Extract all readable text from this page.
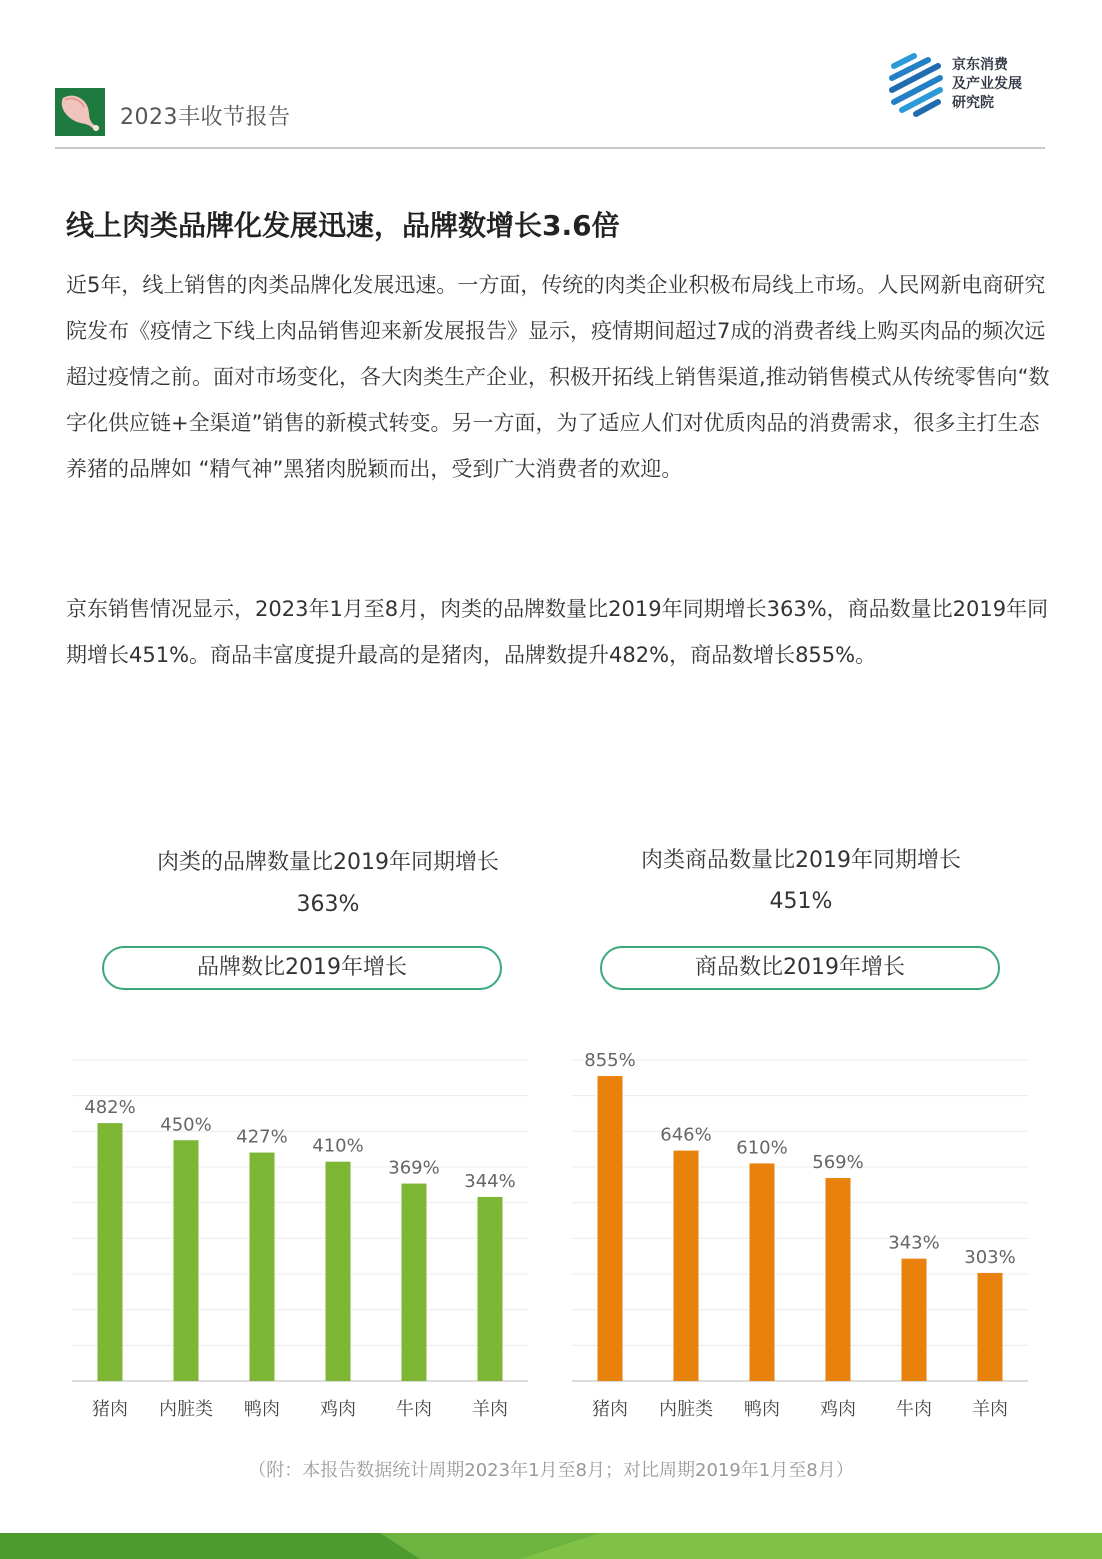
2023丰收节报告
京东消费
及产业发展
研究院
线上肉类品牌化发展迅速，品牌数增长3.6倍

近5年，线上销售的肉类品牌化发展迅速。一方面，传统的肉类企业积极布局线上市场。人民网新电商研究院发布《疫情之下线上肉品销售迎来新发展报告》显示，疫情期间超过7成的消费者线上购买肉品的频次远超过疫情之前。面对市场变化，各大肉类生产企业，积极开拓线上销售渠道,推动销售模式从传统零售向“数字化供应链+全渠道”销售的新模式转变。另一方面，为了适应人们对优质肉品的消费需求，很多主打生态养猪的品牌如 “精气神”黑猪肉脱颖而出，受到广大消费者的欢迎。

京东销售情况显示，2023年1月至8月，肉类的品牌数量比2019年同期增长363%，商品数量比2019年同期增长451%。商品丰富度提升最高的是猪肉，品牌数提升482%，商品数增长855%。

肉类的品牌数量比2019年同期增长
363%
品牌数比2019年增长
482%
猪肉
450%
内脏类
427%
鸭肉
410%
鸡肉
369%
牛肉
344%
羊肉
肉类商品数量比2019年同期增长
451%
商品数比2019年增长
855%
猪肉
646%
内脏类
610%
鸭肉
569%
鸡肉
343%
牛肉
303%
羊肉
（附：本报告数据统计周期2023年1月至8月；对比周期2019年1月至8月）
